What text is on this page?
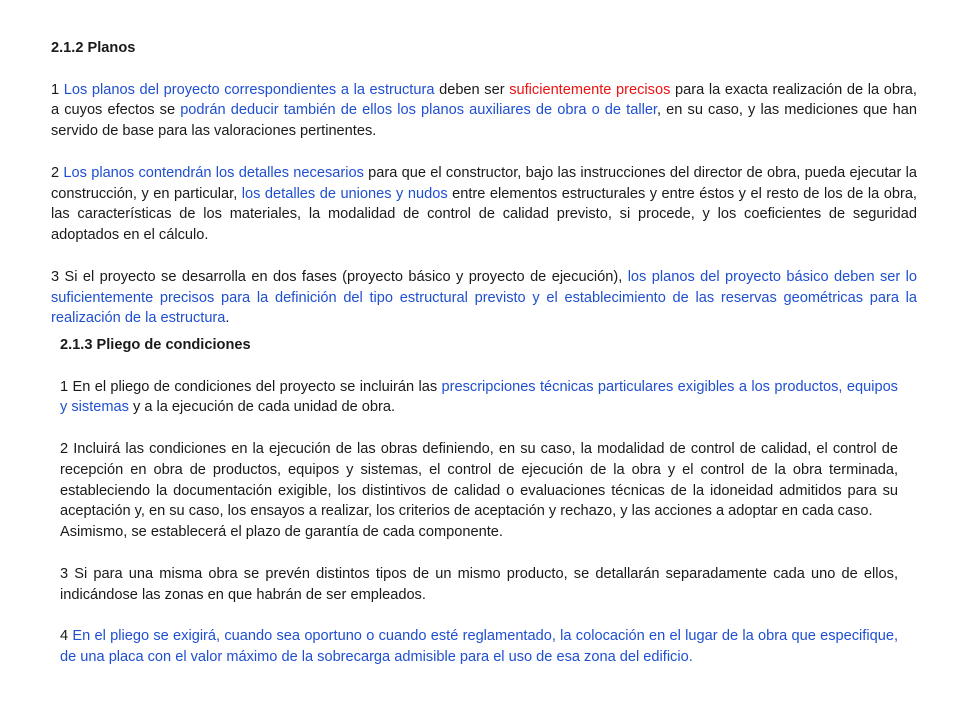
2.1.2 Planos

1 Los planos del proyecto correspondientes a la estructura deben ser suficientemente precisos para la exacta realización de la obra, a cuyos efectos se podrán deducir también de ellos los planos auxiliares de obra o de taller, en su caso, y las mediciones que han servido de base para las valoraciones pertinentes.

2 Los planos contendrán los detalles necesarios para que el constructor, bajo las instrucciones del director de obra, pueda ejecutar la construcción, y en particular, los detalles de uniones y nudos entre elementos estructurales y entre éstos y el resto de los de la obra, las características de los materiales, la modalidad de control de calidad previsto, si procede, y los coeficientes de seguridad adoptados en el cálculo.

3 Si el proyecto se desarrolla en dos fases (proyecto básico y proyecto de ejecución), los planos del proyecto básico deben ser lo suficientemente precisos para la definición del tipo estructural previsto y el establecimiento de las reservas geométricas para la realización de la estructura.

2.1.3 Pliego de condiciones

1 En el pliego de condiciones del proyecto se incluirán las prescripciones técnicas particulares exigibles a los productos, equipos y sistemas y a la ejecución de cada unidad de obra.

2 Incluirá las condiciones en la ejecución de las obras definiendo, en su caso, la modalidad de control de calidad, el control de recepción en obra de productos, equipos y sistemas, el control de ejecución de la obra y el control de la obra terminada, estableciendo la documentación exigible, los distintivos de calidad o evaluaciones técnicas de la idoneidad admitidos para su aceptación y, en su caso, los ensayos a realizar, los criterios de aceptación y rechazo, y las acciones a adoptar en cada caso.

Asimismo, se establecerá el plazo de garantía de cada componente.

3 Si para una misma obra se prevén distintos tipos de un mismo producto, se detallarán separadamente cada uno de ellos, indicándose las zonas en que habrán de ser empleados.

4 En el pliego se exigirá, cuando sea oportuno o cuando esté reglamentado, la colocación en el lugar de la obra que especifique, de una placa con el valor máximo de la sobrecarga admisible para el uso de esa zona del edificio.
